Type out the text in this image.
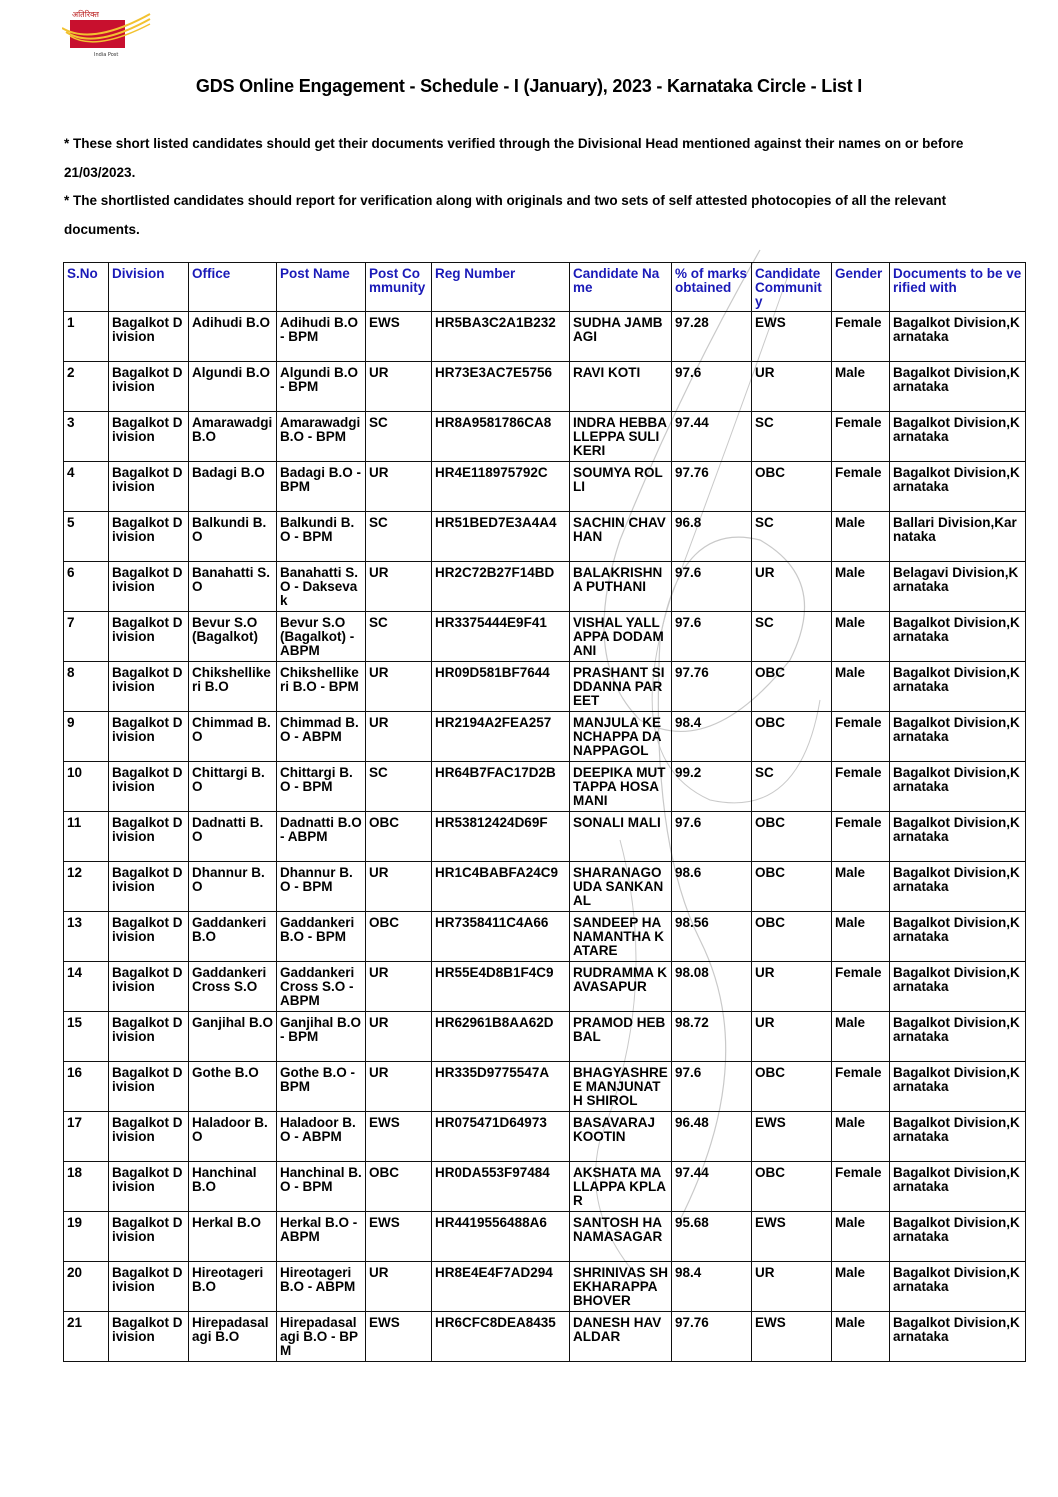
अतिरिक्त
India Post
GDS Online Engagement - Schedule - I (January), 2023 - Karnataka Circle - List I

* These short listed candidates should get their documents verified through the Divisional Head mentioned against their names on or before 21/03/2023.

* The shortlisted candidates should report for verification along with originals and two sets of self attested photocopies of all the relevant documents.

S.No	Division	Office	Post Name	Post Community	Reg Number	Candidate Name	% of marks obtained	Candidate Community	Gender	Documents to be verified with
1	Bagalkot Division	Adihudi B.O	Adihudi B.O - BPM	EWS	HR5BA3C2A1B232	SUDHA JAMBAGI	97.28	EWS	Female	Bagalkot Division,Karnataka
2	Bagalkot Division	Algundi B.O	Algundi B.O - BPM	UR	HR73E3AC7E5756	RAVI KOTI	97.6	UR	Male	Bagalkot Division,Karnataka
3	Bagalkot Division	Amarawadgi B.O	Amarawadgi B.O - BPM	SC	HR8A9581786CA8	INDRA HEBBALLEPPA SULIKERI	97.44	SC	Female	Bagalkot Division,Karnataka
4	Bagalkot Division	Badagi B.O	Badagi B.O - BPM	UR	HR4E118975792C	SOUMYA ROLLI	97.76	OBC	Female	Bagalkot Division,Karnataka
5	Bagalkot Division	Balkundi B.O	Balkundi B.O - BPM	SC	HR51BED7E3A4A4	SACHIN CHAVHAN	96.8	SC	Male	Ballari Division,Karnataka
6	Bagalkot Division	Banahatti S.O	Banahatti S.O - Daksevak	UR	HR2C72B27F14BD	BALAKRISHNA PUTHANI	97.6	UR	Male	Belagavi Division,Karnataka
7	Bagalkot Division	Bevur S.O (Bagalkot)	Bevur S.O (Bagalkot) - ABPM	SC	HR3375444E9F41	VISHAL YALLAPPA DODAMANI	97.6	SC	Male	Bagalkot Division,Karnataka
8	Bagalkot Division	Chikshellikeri B.O	Chikshellikeri B.O - BPM	UR	HR09D581BF7644	PRASHANT SIDDANNA PAREET	97.76	OBC	Male	Bagalkot Division,Karnataka
9	Bagalkot Division	Chimmad B.O	Chimmad B.O - ABPM	UR	HR2194A2FEA257	MANJULA KENCHAPPA DANAPPAGOL	98.4	OBC	Female	Bagalkot Division,Karnataka
10	Bagalkot Division	Chittargi B.O	Chittargi B.O - BPM	SC	HR64B7FAC17D2B	DEEPIKA MUTTAPPA HOSAMANI	99.2	SC	Female	Bagalkot Division,Karnataka
11	Bagalkot Division	Dadnatti B.O	Dadnatti B.O - ABPM	OBC	HR53812424D69F	SONALI MALI	97.6	OBC	Female	Bagalkot Division,Karnataka
12	Bagalkot Division	Dhannur B.O	Dhannur B.O - BPM	UR	HR1C4BABFA24C9	SHARANAGOUDA SANKANAL	98.6	OBC	Male	Bagalkot Division,Karnataka
13	Bagalkot Division	Gaddankeri B.O	Gaddankeri B.O - BPM	OBC	HR7358411C4A66	SANDEEP HANAMANTHA KATARE	98.56	OBC	Male	Bagalkot Division,Karnataka
14	Bagalkot Division	Gaddankeri Cross S.O	Gaddankeri Cross S.O - ABPM	UR	HR55E4D8B1F4C9	RUDRAMMA KAVASAPUR	98.08	UR	Female	Bagalkot Division,Karnataka
15	Bagalkot Division	Ganjihal B.O	Ganjihal B.O - BPM	UR	HR62961B8AA62D	PRAMOD HEBBAL	98.72	UR	Male	Bagalkot Division,Karnataka
16	Bagalkot Division	Gothe B.O	Gothe B.O - BPM	UR	HR335D9775547A	BHAGYASHREE MANJUNATH SHIROL	97.6	OBC	Female	Bagalkot Division,Karnataka
17	Bagalkot Division	Haladoor B.O	Haladoor B.O - ABPM	EWS	HR075471D64973	BASAVARAJ KOOTIN	96.48	EWS	Male	Bagalkot Division,Karnataka
18	Bagalkot Division	Hanchinal B.O	Hanchinal B.O - BPM	OBC	HR0DA553F97484	AKSHATA MALLAPPA KPLAR	97.44	OBC	Female	Bagalkot Division,Karnataka
19	Bagalkot Division	Herkal B.O	Herkal B.O - ABPM	EWS	HR4419556488A6	SANTOSH HANAMASAGAR	95.68	EWS	Male	Bagalkot Division,Karnataka
20	Bagalkot Division	Hireotageri B.O	Hireotageri B.O - ABPM	UR	HR8E4E4F7AD294	SHRINIVAS SHEKHARAPPA BHOVER	98.4	UR	Male	Bagalkot Division,Karnataka
21	Bagalkot Division	Hirepadasalagi B.O	Hirepadasalagi B.O - BPM	EWS	HR6CFC8DEA8435	DANESH HAVALDAR	97.76	EWS	Male	Bagalkot Division,Karnataka
